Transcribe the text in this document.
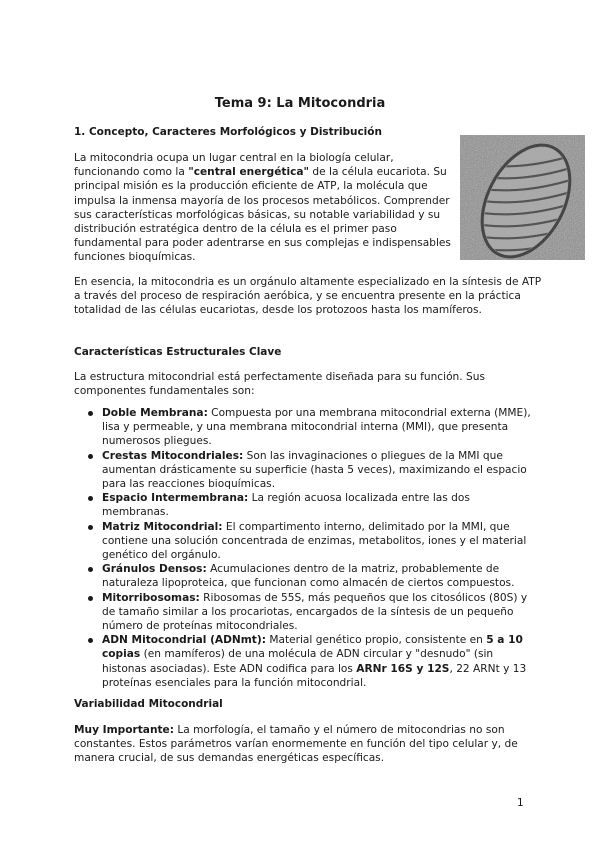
Tema 9: La Mitocondria
1. Concepto, Caracteres Morfológicos y Distribución

La mitocondria ocupa un lugar central en la biología celular, funcionando como la "central energética" de la célula eucariota. Su principal misión es la producción eficiente de ATP, la molécula que impulsa la inmensa mayoría de los procesos metabólicos. Comprender sus características morfológicas básicas, su notable variabilidad y su distribución estratégica dentro de la célula es el primer paso fundamental para poder adentrarse en sus complejas e indispensables funciones bioquímicas.

En esencia, la mitocondria es un orgánulo altamente especializado en la síntesis de ATP a través del proceso de respiración aeróbica, y se encuentra presente en la práctica totalidad de las células eucariotas, desde los protozoos hasta los mamíferos.

Características Estructurales Clave

La estructura mitocondrial está perfectamente diseñada para su función. Sus componentes fundamentales son:

Doble Membrana: Compuesta por una membrana mitocondrial externa (MME), lisa y permeable, y una membrana mitocondrial interna (MMI), que presenta numerosos pliegues.
Crestas Mitocondriales: Son las invaginaciones o pliegues de la MMI que aumentan drásticamente su superficie (hasta 5 veces), maximizando el espacio para las reacciones bioquímicas.
Espacio Intermembrana: La región acuosa localizada entre las dos membranas.
Matriz Mitocondrial: El compartimento interno, delimitado por la MMI, que contiene una solución concentrada de enzimas, metabolitos, iones y el material genético del orgánulo.
Gránulos Densos: Acumulaciones dentro de la matriz, probablemente de naturaleza lipoproteica, que funcionan como almacén de ciertos compuestos.
Mitorribosomas: Ribosomas de 55S, más pequeños que los citosólicos (80S) y de tamaño similar a los procariotas, encargados de la síntesis de un pequeño número de proteínas mitocondriales.
ADN Mitocondrial (ADNmt): Material genético propio, consistente en 5 a 10 copias (en mamíferos) de una molécula de ADN circular y "desnudo" (sin histonas asociadas). Este ADN codifica para los ARNr 16S y 12S, 22 ARNt y 13 proteínas esenciales para la función mitocondrial.
Variabilidad Mitocondrial

Muy Importante: La morfología, el tamaño y el número de mitocondrias no son constantes. Estos parámetros varían enormemente en función del tipo celular y, de manera crucial, de sus demandas energéticas específicas.

1
